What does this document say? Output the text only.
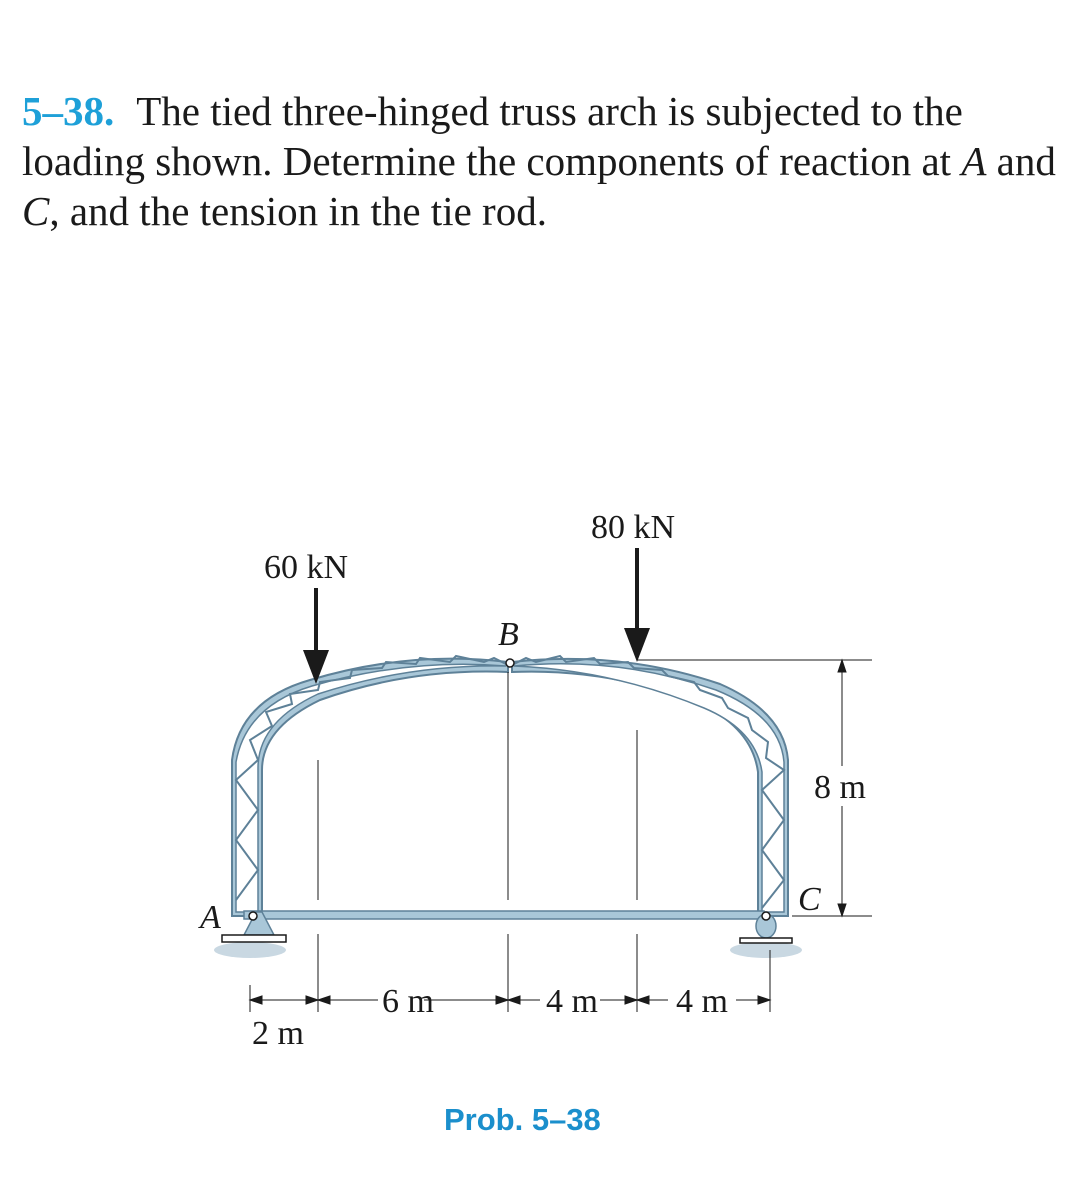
5–38. The tied three-hinged truss arch is subjected to the loading shown. Determine the components of reaction at A and C, and the tension in the tie rod.

60 kN
80 kN
B
A	C
8 m
2 m
6 m	4 m 4 m
Prob. 5–38
